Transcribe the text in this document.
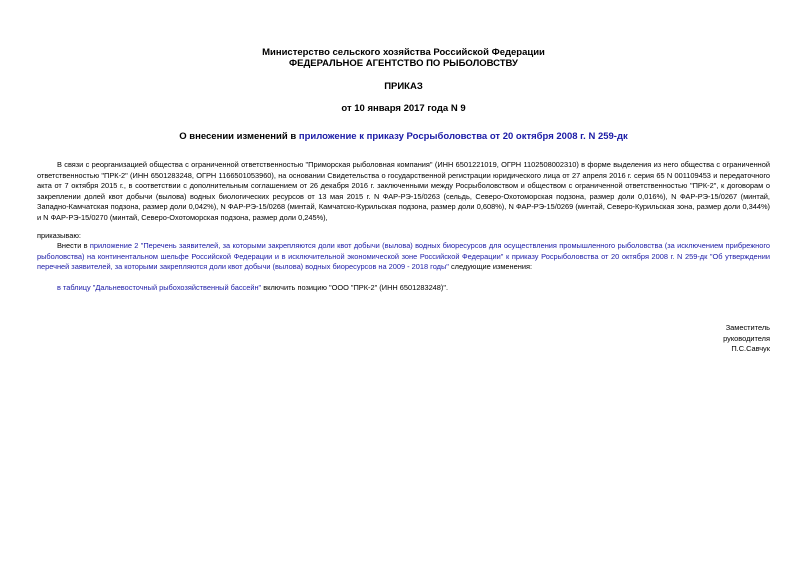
Министерство сельского хозяйства Российской Федерации
ФЕДЕРАЛЬНОЕ АГЕНТСТВО ПО РЫБОЛОВСТВУ
ПРИКАЗ
от 10 января 2017 года N 9
О внесении изменений в приложение к приказу Росрыболовства от 20 октября 2008 г. N 259-дк
В связи с реорганизацией общества с ограниченной ответственностью "Приморская рыболовная компания" (ИНН 6501221019, ОГРН 1102508002310) в форме выделения из него общества с ограниченной ответственностью "ПРК-2" (ИНН 6501283248, ОГРН 1166501053960), на основании Свидетельства о государственной регистрации юридического лица от 27 апреля 2016 г. серия 65 N 001109453 и передаточного акта от 7 октября 2015 г., в соответствии с дополнительным соглашением от 26 декабря 2016 г. заключенными между Росрыболовством и обществом с ограниченной ответственностью "ПРК-2", к договорам о закреплении долей квот добычи (вылова) водных биологических ресурсов от 13 мая 2015 г. N ФАР-РЭ-15/0263 (сельдь, Северо-Охотоморская подзона, размер доли 0,016%), N ФАР-РЭ-15/0267 (минтай, Западно-Камчатская подзона, размер доли 0,042%), N ФАР-РЭ-15/0268 (минтай, Камчатско-Курильская подзона, размер доли 0,608%), N ФАР-РЭ-15/0269 (минтай, Северо-Курильская зона, размер доли 0,344%) и N ФАР-РЭ-15/0270 (минтай, Северо-Охотоморская подзона, размер доли 0,245%),
приказываю:
Внести в приложение 2 "Перечень заявителей, за которыми закрепляются доли квот добычи (вылова) водных биоресурсов для осуществления промышленного рыболовства (за исключением прибрежного рыболовства) на континентальном шельфе Российской Федерации и в исключительной экономической зоне Российской Федерации" к приказу Росрыболовства от 20 октября 2008 г. N 259-дк "Об утверждении перечней заявителей, за которыми закрепляются доли квот добычи (вылова) водных биоресурсов на 2009 - 2018 годы" следующие изменения:
в таблицу "Дальневосточный рыбохозяйственный бассейн" включить позицию "ООО "ПРК-2" (ИНН 6501283248)".
Заместитель
руководителя
П.С.Савчук
